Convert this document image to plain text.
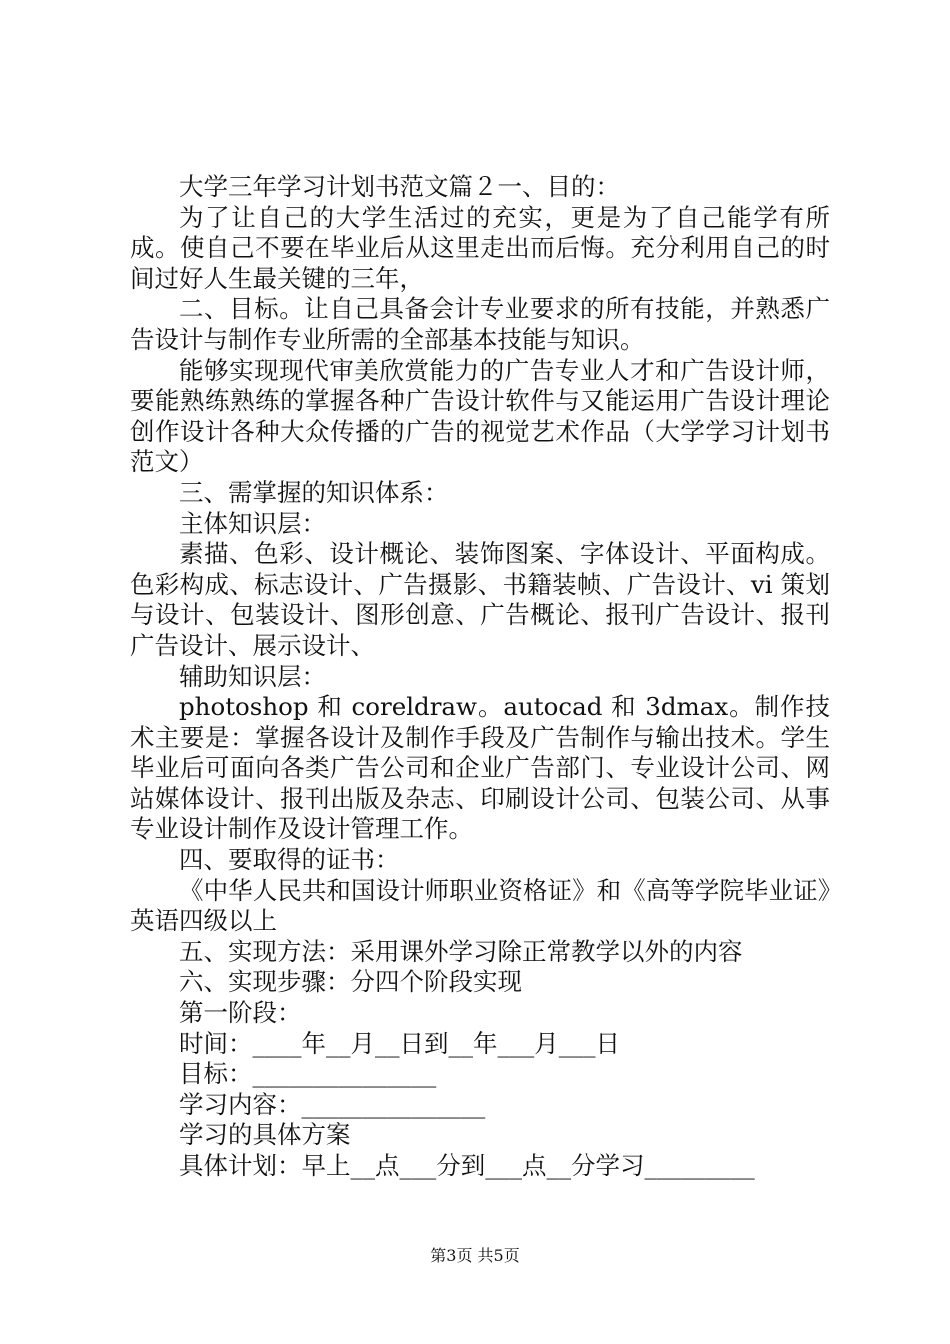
大学三年学习计划书范文篇２一、目的：

为了让自己的大学生活过的充实，更是为了自己能学有所成。使自己不要在毕业后从这里走出而后悔。充分利用自己的时间过好人生最关键的三年，

二、目标。让自己具备会计专业要求的所有技能，并熟悉广告设计与制作专业所需的全部基本技能与知识。

能够实现现代审美欣赏能力的广告专业人才和广告设计师，要能熟练熟练的掌握各种广告设计软件与又能运用广告设计理论创作设计各种大众传播的广告的视觉艺术作品（大学学习计划书范文）

三、需掌握的知识体系：

主体知识层：

素描、色彩、设计概论、装饰图案、字体设计、平面构成。色彩构成、标志设计、广告摄影、书籍装帧、广告设计、vi 策划与设计、包装设计、图形创意、广告概论、报刊广告设计、报刊广告设计、展示设计、

辅助知识层：

photoshop 和 coreldraw。autocad 和 3dmax。制作技术主要是：掌握各设计及制作手段及广告制作与输出技术。学生毕业后可面向各类广告公司和企业广告部门、专业设计公司、网站媒体设计、报刊出版及杂志、印刷设计公司、包装公司、从事专业设计制作及设计管理工作。

四、要取得的证书：

《中华人民共和国设计师职业资格证》和《高等学院毕业证》英语四级以上

五、实现方法：采用课外学习除正常教学以外的内容

六、实现步骤：分四个阶段实现

第一阶段：

时间：____年__月__日到__年___月___日

目标：_______________

学习内容：_______________

学习的具体方案

具体计划：早上__点___分到___点__分学习_________

第3页 共5页
